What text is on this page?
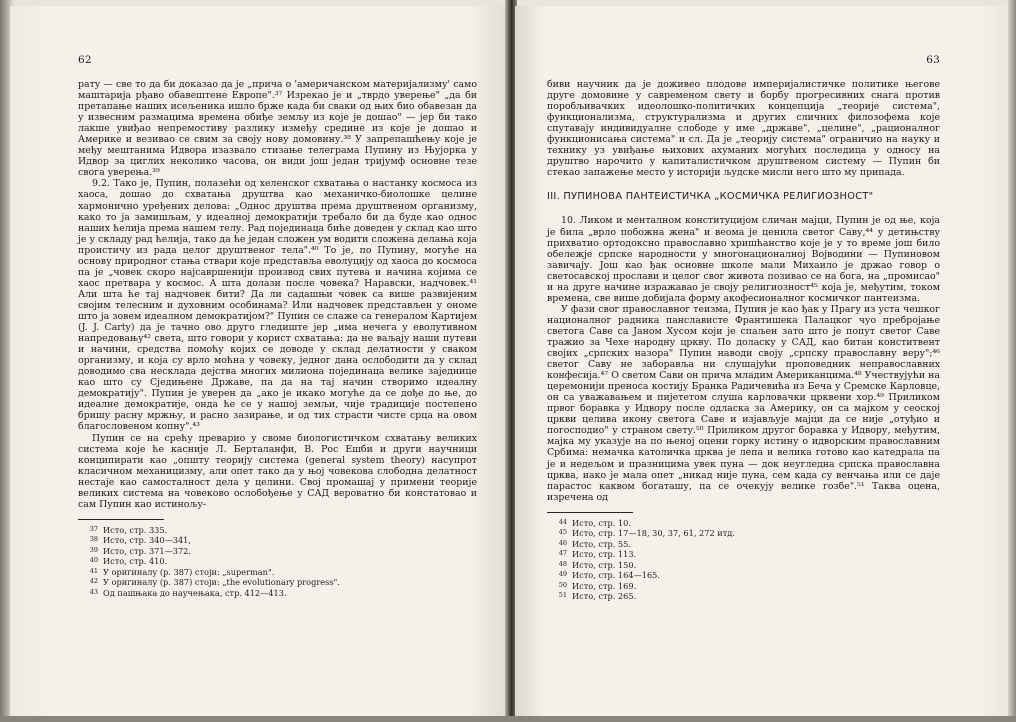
62

рату — све то да би доказао да је „прича о 'америчанском материјализму' само маштарија рђаво обавештене Европе".³⁷ Изрекао је и „тврдо уверење" „да би претапање наших исељеника ишло брже када би сваки од њих био обавезан да у извесним размацима времена обиђе земљу из које је дошао" — јер би тако лакше увиђао непремостиву разлику између средине из које је дошао и Америке и везивао се свим за своју нову домовину.³⁸ У запрепашћењу које је међу мештанима Идвора изазвало стизање телеграма Пупину из Њујорка у Идвор за циглих неколико часова, он види још један тријумф основне тезе свога уверења.³⁹

9.2. Тако је, Пупин, полазећи од хеленског схватања о настанку космоса из хаоса, дошао до схватања друштва као механичко-биолошке целине хармонично уређених делова: „Однос друштва према друштвеном организму, како то ја замишљам, у идеалној демократији требало би да буде као однос наших ћелија према нашем телу. Рад појединаца биће доведен у склад као што је у складу рад ћелија, тако да ће један сложен ум водити сложена делања која проистичу из рада целог друштвеног тела".⁴⁰ То је, по Пупину, могуће на основу природног стања ствари које представља еволуцију од хаоса до космоса па је „човек скоро најсавршенији производ свих путева и начина којима се хаос претвара у космос. А шта долази после човека? Наравски, надчовек.⁴¹ Али шта ће тај надчовек бити? Да ли садашњи човек са више развијеним својим телесним и духовним особинама? Или надчовек представљен у ономе што ја зовем идеалном демократијом?" Пупин се слаже са генералом Картијем (J. J. Carty) да је тачно ово друго гледиште јер „има нечега у еволутивном напредовању⁴² света, што говори у корист схватања: да не ваљају наши путеви и начини, средства помоћу којих се доводе у склад делатности у сваком организму, и која су врло моћна у човеку, једног дана ослободити да у склад доводимо сва несклада дејства многих милиона појединаца велике заједнице као што су Сједињене Државе, па да на тај начин створимо идеалну демократију". Пупин је уверен да „ако је икако могуће да се дође до ње, до идеалне демократије, онда ће се у нашој земљи, чије традиције постепено бришу расну мржњу, и расно зазирање, и од тих страсти чисте срца на овом благословеном копну".⁴³

Пупин се на срећу преварио у своме биологистичком схватању великих система које ће касније Л. Берталанфи, В. Рос Ешби и други научници конципирати као „општу теорију система (general system theory) насупрот класичном механицизму, али опет тако да у њој човекова слободна делатност нестаје као самосталност дела у целини. Свој промашај у примени теорије великих система на човеково ослобођење у САД вероватно би констатовао и сам Пупин као истинољу-

37 Исто, стр. 335.
38 Исто, стр. 340—341,
39 Исто, стр. 371—372.
40 Исто, стр. 410.
41 У оригиналу (р. 387) стоји: „superman".
42 У оригиналу (р. 387) стоји: „the evolutionary progress".
43 Од пашњака до научењака, стр. 412—413.
63

биви научник да је доживео плодове империјалистичке политике његове друге домовине у савременом свету и борбу прогресивних снага против поробљивачких идеолошко-политичких концепција „теорије система", функционализма, структурализма и других сличних филозофема које спутавају индивидуалне слободе у име „државе", „целине", „рационалног функционисања система" и сл. Да је „теорију система" ограничио на науку и технику уз увиђање њихових ахуманих могућих последица у односу на друштво нарочито у капиталистичком друштвеном систему — Пупин би стекао запажење место у историји људске мисли него што му припада.

III. ПУПИНОВА ПАНТЕИСТИЧКА „КОСМИЧКА РЕЛИГИОЗНОСТ"

10. Ликом и менталном конституцијом сличан мајци, Пупин је од ње, која је била „врло побожна жена" и веома је ценила светог Саву,⁴⁴ у детињству прихватио ортодоксно православно хришћанство које је у то време још било обележје српске народности у многонационалној Војводини — Пупиновом завичају. Још као ђак основне школе мали Михаило је држао говор о светосавској прослави и целог свог живота позивао се на бога, на „промисао" и на друге начине изражавао је своју религиозност⁴⁵ која је, међутим, током времена, све више добијала форму акофесионалног космичког пантеизма.

У фази свог православног теизма, Пупин је као ђак у Прагу из уста чешког националног радника панславистe Франтишека Палацког чуо пребројање светога Саве са Јаном Хусом који је спаљен зато што је попут светог Саве тражио за Чехе народну цркву. По доласку у САД, као битан конститвент својих „српских назора" Пупин наводи своју „српску православну веру";⁴⁶ светог Саву не заборавља ни слушајући проповедник неправославних конфесија.⁴⁷ О светом Сави он прича младим Американцима.⁴⁸ Учествујући на церемонији преноса костију Бранка Радичевића из Беча у Сремске Карловце, он са уважавањем и пијететом слуша карловачки црквени хор.⁴⁹ Приликом првог боравка у Идвору после одласка за Америку, он са мајком у сеоској цркви целива икону светога Саве и изјављује мајци да се није „отуђио и погосподио" у страном свету.⁵⁰ Приликом другог боравка у Идвору, међутим, мајка му указује на по њеној оцени горку истину о идворским православним Србима: немачка католичка црква је лепа и велика готово као катедрала па је и недељом и празницима увек пуна — док неугледна српска православна црква, иако је мала опет „никад није пуна, сем када су венчања или се даје парастос каквом богаташу, па се очекују велике гозбе".⁵¹ Таква оцена, изречена од

44 Исто, стр. 10.
45 Исто, стр. 17—18, 30, 37, 61, 272 итд.
46 Исто, стр. 55.
47 Исто, стр. 113.
48 Исто, стр. 150.
49 Исто, стр. 164—165.
50 Исто, стр. 169.
51 Исто, стр. 265.
